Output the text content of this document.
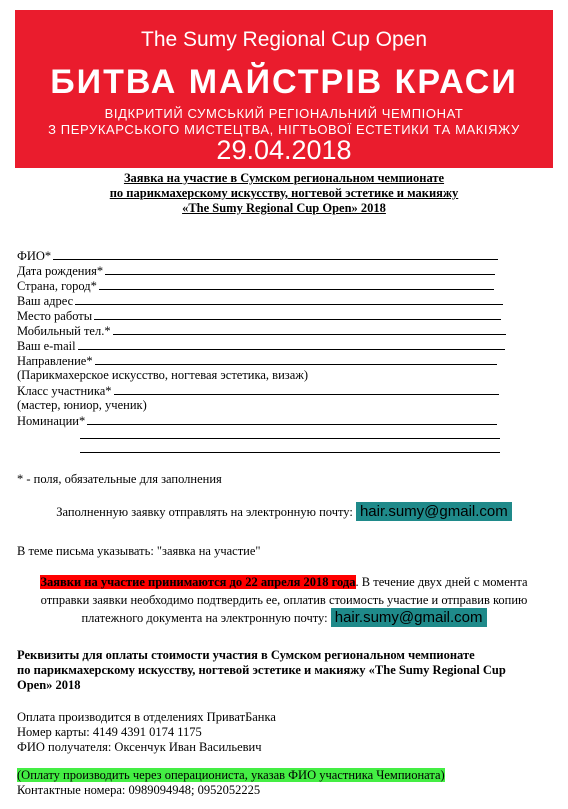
The Sumy Regional Cup Open
БИТВА МАЙСТРІВ КРАСИ
ВІДКРИТИЙ СУМСЬКИЙ РЕГІОНАЛЬНИЙ ЧЕМПІОНАТ
З ПЕРУКАРСЬКОГО МИСТЕЦТВА, НІГТЬОВОЇ ЕСТЕТИКИ ТА МАКІЯЖУ
29.04.2018
Заявка на участие в Сумском региональном чемпионате
по парикмахерскому искусству, ногтевой эстетике и макияжу
«The Sumy Regional Cup Open» 2018
ФИО*
Дата рождения*
Страна, город*
Ваш адрес
Место работы
Мобильный тел.*
Ваш e-mail
Направление*
(Парикмахерское искусство, ногтевая эстетика, визаж)
Класс участника*
(мастер, юниор, ученик)
Номинации*
* - поля, обязательные для заполнения
Заполненную заявку отправлять на электронную почту: hair.sumy@gmail.com
В теме письма указывать: "заявка на участие"
Заявки на участие принимаются до 22 апреля 2018 года. В течение двух дней с момента
отправки заявки необходимо подтвердить ее, оплатив стоимость участие и отправив копию
платежного документа на электронную почту: hair.sumy@gmail.com
Реквизиты для оплаты стоимости участия в Сумском региональном чемпионате
по парикмахерскому искусству, ногтевой эстетике и макияжу «The Sumy Regional Cup
Open» 2018
Оплата производится в отделениях ПриватБанка
Номер карты: 4149 4391 0174 1175
ФИО получателя: Оксенчук Иван Васильевич
(Оплату производить через операциониста, указав ФИО участника Чемпионата)
Контактные номера: 0989094948; 0952052225
